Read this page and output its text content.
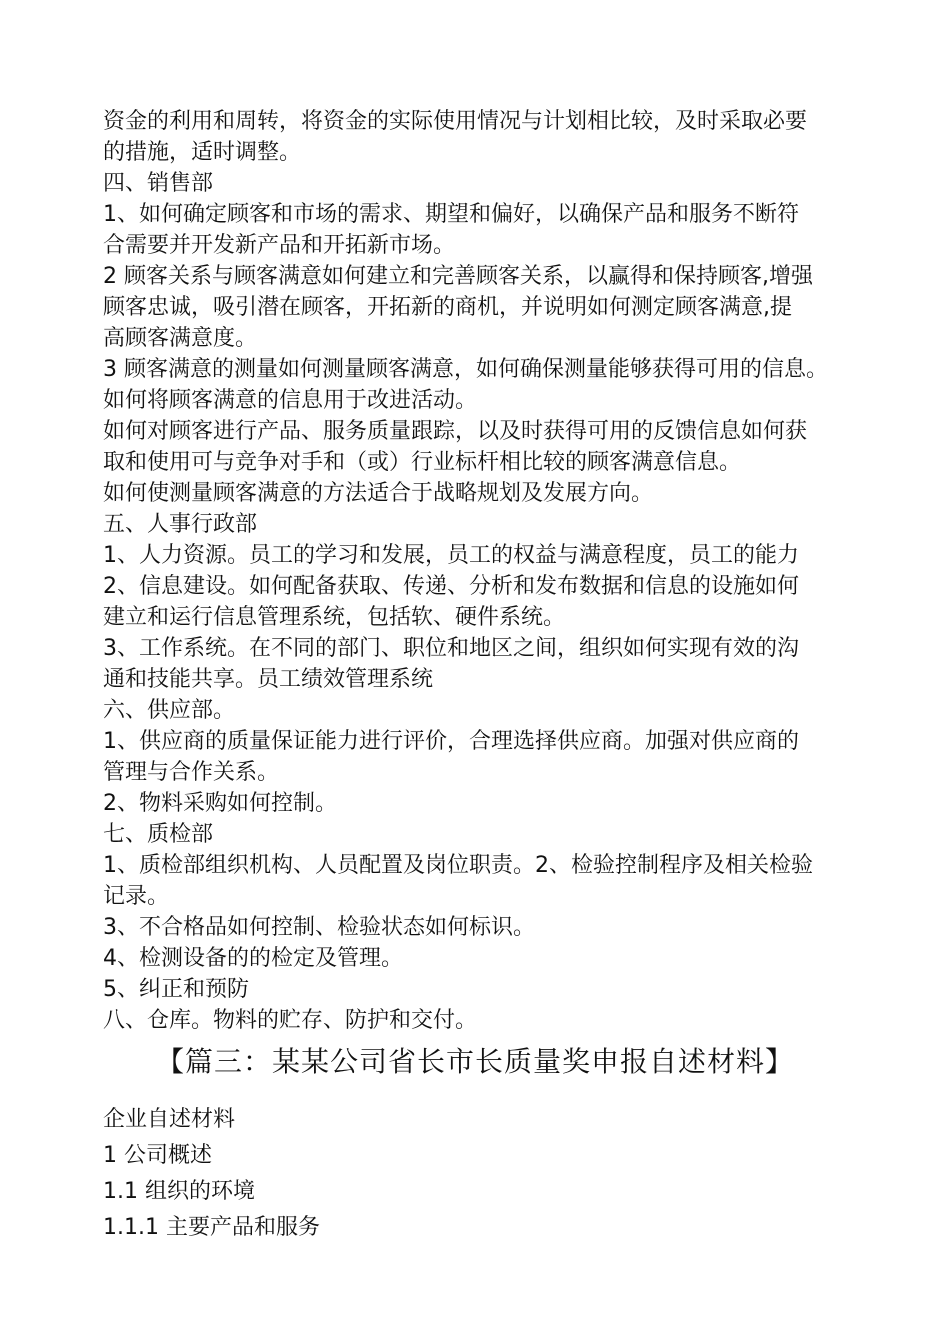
资金的利用和周转，将资金的实际使用情况与计划相比较，及时采取必要

的措施，适时调整。

四、销售部

1、如何确定顾客和市场的需求、期望和偏好，以确保产品和服务不断符

合需要并开发新产品和开拓新市场。

2 顾客关系与顾客满意如何建立和完善顾客关系，以赢得和保持顾客,增强

顾客忠诚，吸引潜在顾客，开拓新的商机，并说明如何测定顾客满意,提

高顾客满意度。

3 顾客满意的测量如何测量顾客满意，如何确保测量能够获得可用的信息。

如何将顾客满意的信息用于改进活动。

如何对顾客进行产品、服务质量跟踪，以及时获得可用的反馈信息如何获

取和使用可与竞争对手和（或）行业标杆相比较的顾客满意信息。

如何使测量顾客满意的方法适合于战略规划及发展方向。

五、人事行政部

1、人力资源。员工的学习和发展，员工的权益与满意程度，员工的能力

2、信息建设。如何配备获取、传递、分析和发布数据和信息的设施如何

建立和运行信息管理系统，包括软、硬件系统。

3、工作系统。在不同的部门、职位和地区之间，组织如何实现有效的沟

通和技能共享。员工绩效管理系统

六、供应部。

1、供应商的质量保证能力进行评价，合理选择供应商。加强对供应商的

管理与合作关系。

2、物料采购如何控制。

七、质检部

1、质检部组织机构、人员配置及岗位职责。2、检验控制程序及相关检验

记录。

3、不合格品如何控制、检验状态如何标识。

4、检测设备的的检定及管理。

5、纠正和预防

八、仓库。物料的贮存、防护和交付。

【篇三：某某公司省长市长质量奖申报自述材料】

企业自述材料

1 公司概述

1.1 组织的环境

1.1.1 主要产品和服务
